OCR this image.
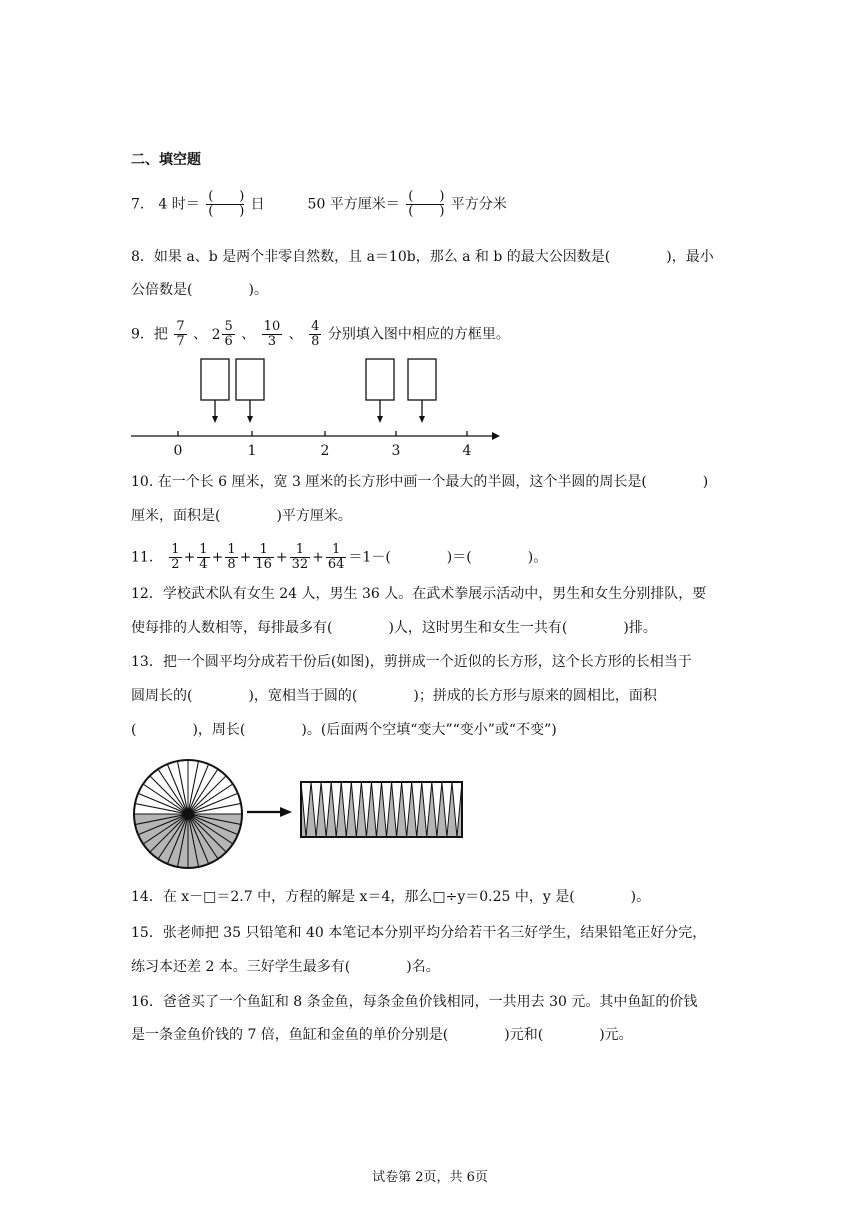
二、填空题
7． 4 时＝ $\frac{( )}{( )}$ 日	50 平方厘米＝ $\frac{( )}{( )}$ 平方分米
8．如果 a、b 是两个非零自然数，且 a＝10b，那么 a 和 b 的最大公因数是(　　　　)，最小
公倍数是(　　　　)。
9．把 $\frac{7}{7}$ 、 $2 \frac{5}{6}$ 、 $\frac{10}{3}$ 、 $\frac{4}{8}$ 分别填入图中相应的方框里。
0	1	2	3	4
10. 在一个长 6 厘米，宽 3 厘米的长方形中画一个最大的半圆，这个半圆的周长是(　　　　)
厘米，面积是(　　　　)平方厘米。
11． $\frac{1}{2} + \frac{1}{4} + \frac{1}{8} + \frac{1}{16} + \frac{1}{32} + \frac{1}{64} =1-$(　　　　)＝(　　　　)。
12．学校武术队有女生 24 人，男生 36 人。在武术拳展示活动中，男生和女生分别排队，要
使每排的人数相等，每排最多有(　　　　)人，这时男生和女生一共有(　　　　)排。
13．把一个圆平均分成若干份后(如图)，剪拼成一个近似的长方形，这个长方形的长相当于
圆周长的(　　　　)，宽相当于圆的(　　　　)；拼成的长方形与原来的圆相比，面积
(　　　　)，周长(　　　　)。(后面两个空填“变大”“变小”或“不变”)
14．在 x－□＝2.7 中，方程的解是 x＝4，那么□÷y＝0.25 中，y 是(　　　　)。
15．张老师把 35 只铅笔和 40 本笔记本分别平均分给若干名三好学生，结果铅笔正好分完，
练习本还差 2 本。三好学生最多有(　　　　)名。
16．爸爸买了一个鱼缸和 8 条金鱼，每条金鱼价钱相同，一共用去 30 元。其中鱼缸的价钱
是一条金鱼价钱的 7 倍，鱼缸和金鱼的单价分别是(　　　　)元和(　　　　)元。
试卷第 2页，共 6页
